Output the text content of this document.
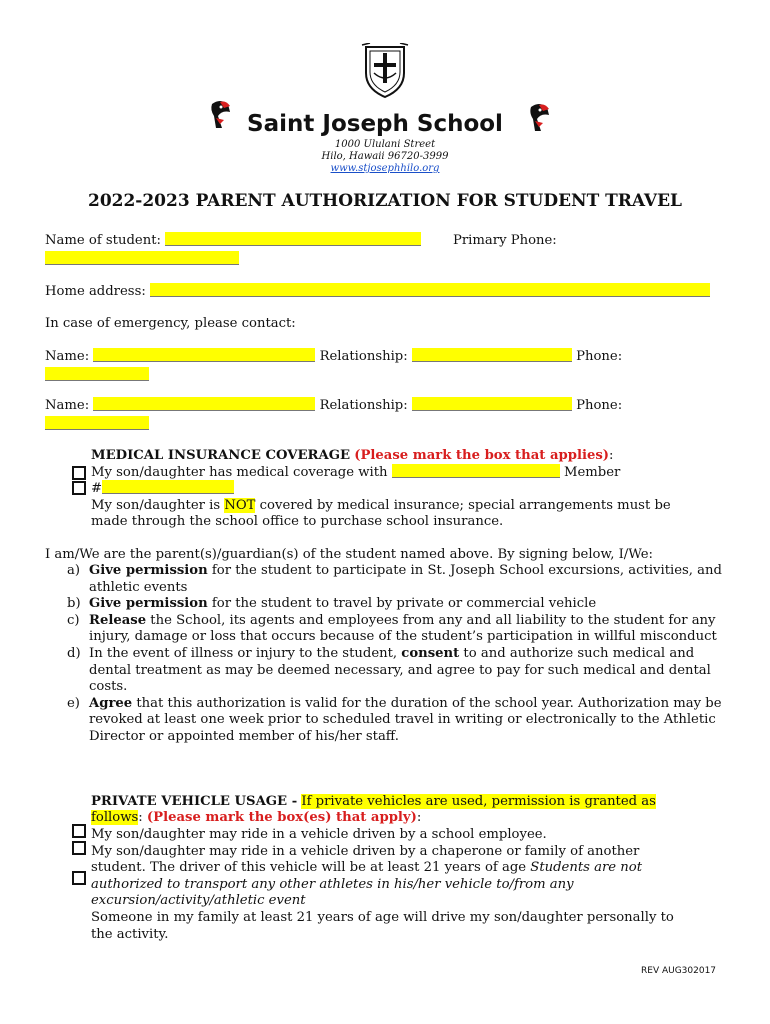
Saint Joseph School
1000 Ululani Street
Hilo, Hawaii 96720-3999
www.stjosephhilo.org
2022-2023 PARENT AUTHORIZATION FOR STUDENT TRAVEL
Name of student:	Primary Phone:
Home address:
In case of emergency, please contact:
Name:	Relationship:	Phone:
Name:	Relationship:	Phone:
MEDICAL INSURANCE COVERAGE (Please mark the box that applies):
My son/daughter has medical coverage with	Member
#
My son/daughter is NOT covered by medical insurance; special arrangements must be
made through the school office to purchase school insurance.
I am/We are the parent(s)/guardian(s) of the student named above. By signing below, I/We:
a) Give permission for the student to participate in St. Joseph School excursions, activities, and athletic events
b) Give permission for the student to travel by private or commercial vehicle
c) Release the School, its agents and employees from any and all liability to the student for any injury, damage or loss that occurs because of the student’s participation in willful misconduct
d) In the event of illness or injury to the student, consent to and authorize such medical and dental treatment as may be deemed necessary, and agree to pay for such medical and dental costs.
e) Agree that this authorization is valid for the duration of the school year. Authorization may be revoked at least one week prior to scheduled travel in writing or electronically to the Athletic Director or appointed member of his/her staff.
PRIVATE VEHICLE USAGE - If private vehicles are used, permission is granted as
follows: (Please mark the box(es) that apply):
My son/daughter may ride in a vehicle driven by a school employee.
My son/daughter may ride in a vehicle driven by a chaperone or family of another
student. The driver of this vehicle will be at least 21 years of age Students are not
authorized to transport any other athletes in his/her vehicle to/from any
excursion/activity/athletic event
Someone in my family at least 21 years of age will drive my son/daughter personally to
the activity.
REV AUG302017
